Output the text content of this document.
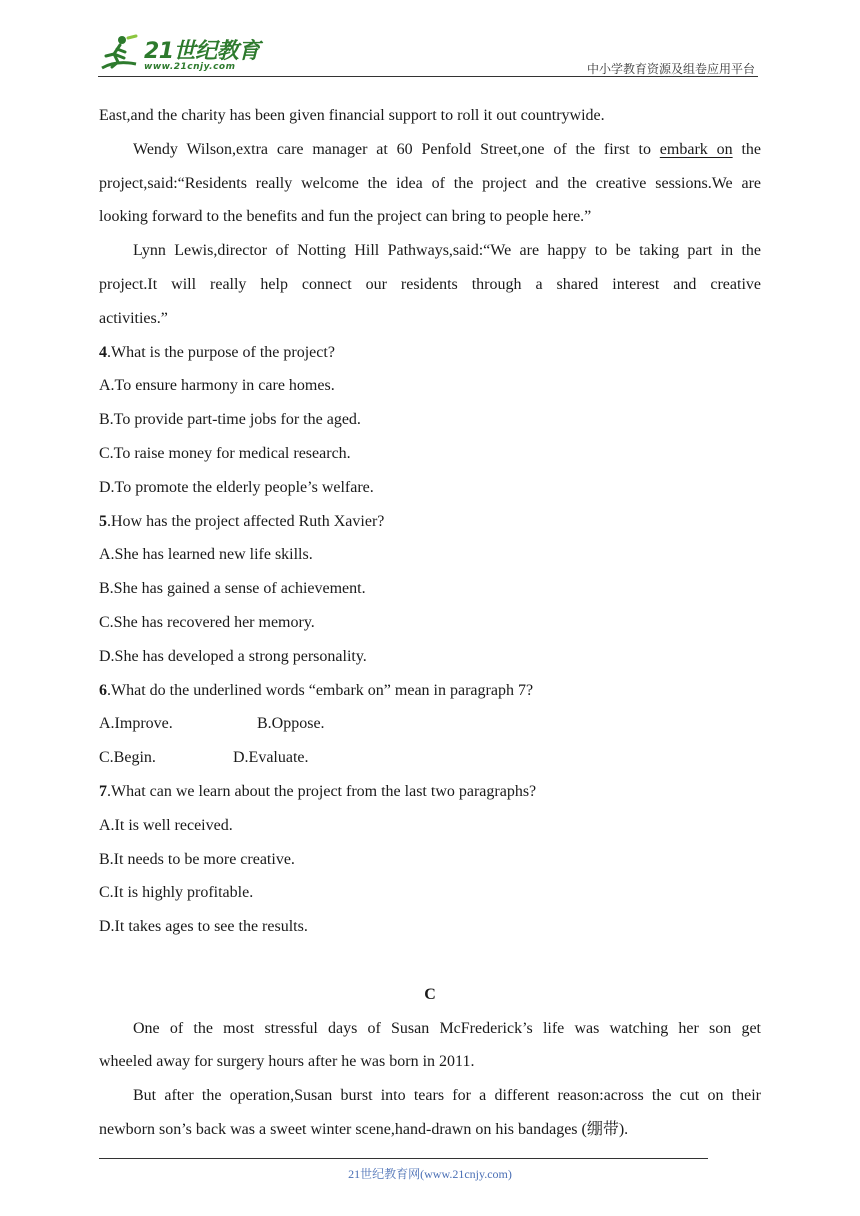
21世纪教育
www.21cnjy.com	中小学教育资源及组卷应用平台
East,and the charity has been given financial support to roll it out countrywide.
Wendy Wilson,extra care manager at 60 Penfold Street,one of the first to embark on the
project,said:“Residents really welcome the idea of the project and the creative sessions.We are
looking forward to the benefits and fun the project can bring to people here.”
Lynn Lewis,director of Notting Hill Pathways,said:“We are happy to be taking part in the
project.It will really help connect our residents through a shared interest and creative
activities.”
4.What is the purpose of the project?
A.To ensure harmony in care homes.
B.To provide part-time jobs for the aged.
C.To raise money for medical research.
D.To promote the elderly people’s welfare.
5.How has the project affected Ruth Xavier?
A.She has learned new life skills.
B.She has gained a sense of achievement.
C.She has recovered her memory.
D.She has developed a strong personality.
6.What do the underlined words “embark on” mean in paragraph 7?
A.Improve.	B.Oppose.
C.Begin.	D.Evaluate.
7.What can we learn about the project from the last two paragraphs?
A.It is well received.
B.It needs to be more creative.
C.It is highly profitable.
D.It takes ages to see the results.
C
One of the most stressful days of Susan McFrederick’s life was watching her son get
wheeled away for surgery hours after he was born in 2011.
But after the operation,Susan burst into tears for a different reason:across the cut on their
newborn son’s back was a sweet winter scene,hand-drawn on his bandages (绷带).
21世纪教育网(www.21cnjy.com)
